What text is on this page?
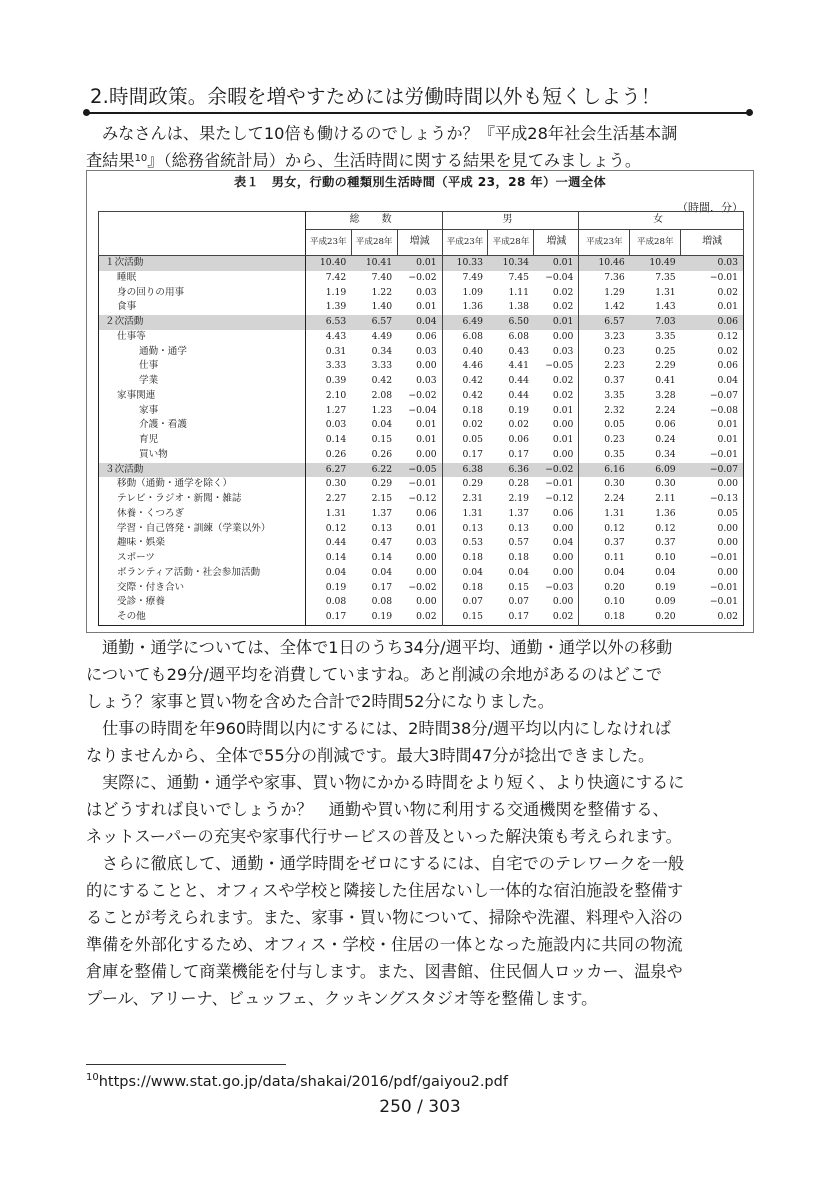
2.時間政策。余暇を増やすためには労働時間以外も短くしよう！
みなさんは、果たして10倍も働けるのでしょうか？『平成28年社会生活基本調
査結果$^{10}$』（総務省統計局）から、生活時間に関する結果を見てみましょう。
表１　男女，行動の種類別生活時間（平成 23，28 年）一週全体
（時間．分）
	総　数			男			女		
	平成23年	平成28年	増減	平成23年	平成28年	増減	平成23年	平成28年	増減
１次活動	10.40	10.41	0.01	10.33	10.34	0.01	10.46	10.49	0.03
睡眠	7.42	7.40	−0.02	7.49	7.45	−0.04	7.36	7.35	−0.01
身の回りの用事	1.19	1.22	0.03	1.09	1.11	0.02	1.29	1.31	0.02
食事	1.39	1.40	0.01	1.36	1.38	0.02	1.42	1.43	0.01
２次活動	6.53	6.57	0.04	6.49	6.50	0.01	6.57	7.03	0.06
仕事等	4.43	4.49	0.06	6.08	6.08	0.00	3.23	3.35	0.12
通勤・通学	0.31	0.34	0.03	0.40	0.43	0.03	0.23	0.25	0.02
仕事	3.33	3.33	0.00	4.46	4.41	−0.05	2.23	2.29	0.06
学業	0.39	0.42	0.03	0.42	0.44	0.02	0.37	0.41	0.04
家事関連	2.10	2.08	−0.02	0.42	0.44	0.02	3.35	3.28	−0.07
家事	1.27	1.23	−0.04	0.18	0.19	0.01	2.32	2.24	−0.08
介護・看護	0.03	0.04	0.01	0.02	0.02	0.00	0.05	0.06	0.01
育児	0.14	0.15	0.01	0.05	0.06	0.01	0.23	0.24	0.01
買い物	0.26	0.26	0.00	0.17	0.17	0.00	0.35	0.34	−0.01
３次活動	6.27	6.22	−0.05	6.38	6.36	−0.02	6.16	6.09	−0.07
移動（通勤・通学を除く）	0.30	0.29	−0.01	0.29	0.28	−0.01	0.30	0.30	0.00
テレビ・ラジオ・新聞・雑誌	2.27	2.15	−0.12	2.31	2.19	−0.12	2.24	2.11	−0.13
休養・くつろぎ	1.31	1.37	0.06	1.31	1.37	0.06	1.31	1.36	0.05
学習・自己啓発・訓練（学業以外）	0.12	0.13	0.01	0.13	0.13	0.00	0.12	0.12	0.00
趣味・娯楽	0.44	0.47	0.03	0.53	0.57	0.04	0.37	0.37	0.00
スポーツ	0.14	0.14	0.00	0.18	0.18	0.00	0.11	0.10	−0.01
ボランティア活動・社会参加活動	0.04	0.04	0.00	0.04	0.04	0.00	0.04	0.04	0.00
交際・付き合い	0.19	0.17	−0.02	0.18	0.15	−0.03	0.20	0.19	−0.01
受診・療養	0.08	0.08	0.00	0.07	0.07	0.00	0.10	0.09	−0.01
その他	0.17	0.19	0.02	0.15	0.17	0.02	0.18	0.20	0.02
通勤・通学については、全体で1日のうち34分/週平均、通勤・通学以外の移動
についても29分/週平均を消費していますね。あと削減の余地があるのはどこで
しょう？家事と買い物を含めた合計で2時間52分になりました。
仕事の時間を年960時間以内にするには、2時間38分/週平均以内にしなければ
なりませんから、全体で55分の削減です。最大3時間47分が捻出できました。
実際に、通勤・通学や家事、買い物にかかる時間をより短く、より快適にするに
はどうすれば良いでしょうか？　通勤や買い物に利用する交通機関を整備する、
ネットスーパーの充実や家事代行サービスの普及といった解決策も考えられます。
さらに徹底して、通勤・通学時間をゼロにするには、自宅でのテレワークを一般
的にすることと、オフィスや学校と隣接した住居ないし一体的な宿泊施設を整備す
ることが考えられます。また、家事・買い物について、掃除や洗濯、料理や入浴の
準備を外部化するため、オフィス・学校・住居の一体となった施設内に共同の物流
倉庫を整備して商業機能を付与します。また、図書館、住民個人ロッカー、温泉や
プール、アリーナ、ビュッフェ、クッキングスタジオ等を整備します。
$^{10}$https://www.stat.go.jp/data/shakai/2016/pdf/gaiyou2.pdf
250 / 303
